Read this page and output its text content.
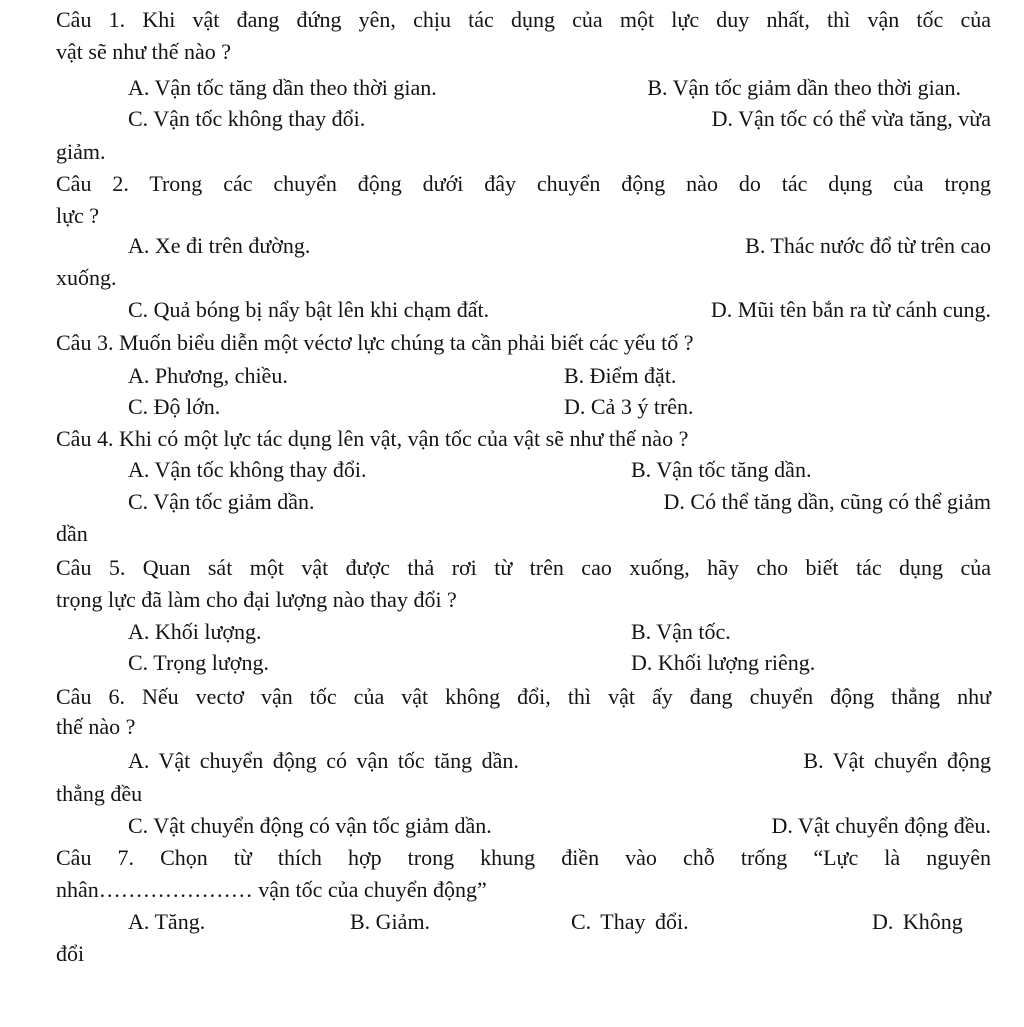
Câu 1. Khi vật đang đứng yên, chịu tác dụng của một lực duy nhất, thì vận tốc của
vật sẽ như thế nào ?
A. Vận tốc tăng dần theo thời gian.	B. Vận tốc giảm dần theo thời gian.
C. Vận tốc không thay đổi.	D. Vận tốc có thể vừa tăng, vừa
giảm.
Câu 2. Trong các chuyển động dưới đây chuyển động nào do tác dụng của trọng
lực ?
A. Xe đi trên đường.	B. Thác nước đổ từ trên cao
xuống.
C. Quả bóng bị nẩy bật lên khi chạm đất.	D. Mũi tên bắn ra từ cánh cung.
Câu 3. Muốn biểu diễn một véctơ lực chúng ta cần phải biết các yếu tố ?
A. Phương, chiều.	B. Điểm đặt.
C. Độ lớn.	D. Cả 3 ý trên.
Câu 4. Khi có một lực tác dụng lên vật, vận tốc của vật sẽ như thế nào ?
A. Vận tốc không thay đổi.	B. Vận tốc tăng dần.
C. Vận tốc giảm dần.	D. Có thể tăng dần, cũng có thể giảm
dần
Câu 5. Quan sát một vật được thả rơi từ trên cao xuống, hãy cho biết tác dụng của
trọng lực đã làm cho đại lượng nào thay đổi ?
A. Khối lượng.	B. Vận tốc.
C. Trọng lượng.	D. Khối lượng riêng.
Câu 6. Nếu vectơ vận tốc của vật không đổi, thì vật ấy đang chuyển động thẳng như
thế nào ?
A. Vật chuyển động có vận tốc tăng dần.	B. Vật chuyển động
thẳng đều
C. Vật chuyển động có vận tốc giảm dần.	D. Vật chuyển động đều.
Câu 7. Chọn từ thích hợp trong khung điền vào chỗ trống “Lực là nguyên
nhân………………… vận tốc của chuyển động”
A. Tăng.	B. Giảm.	C. Thay đổi.	D. Không
đổi
